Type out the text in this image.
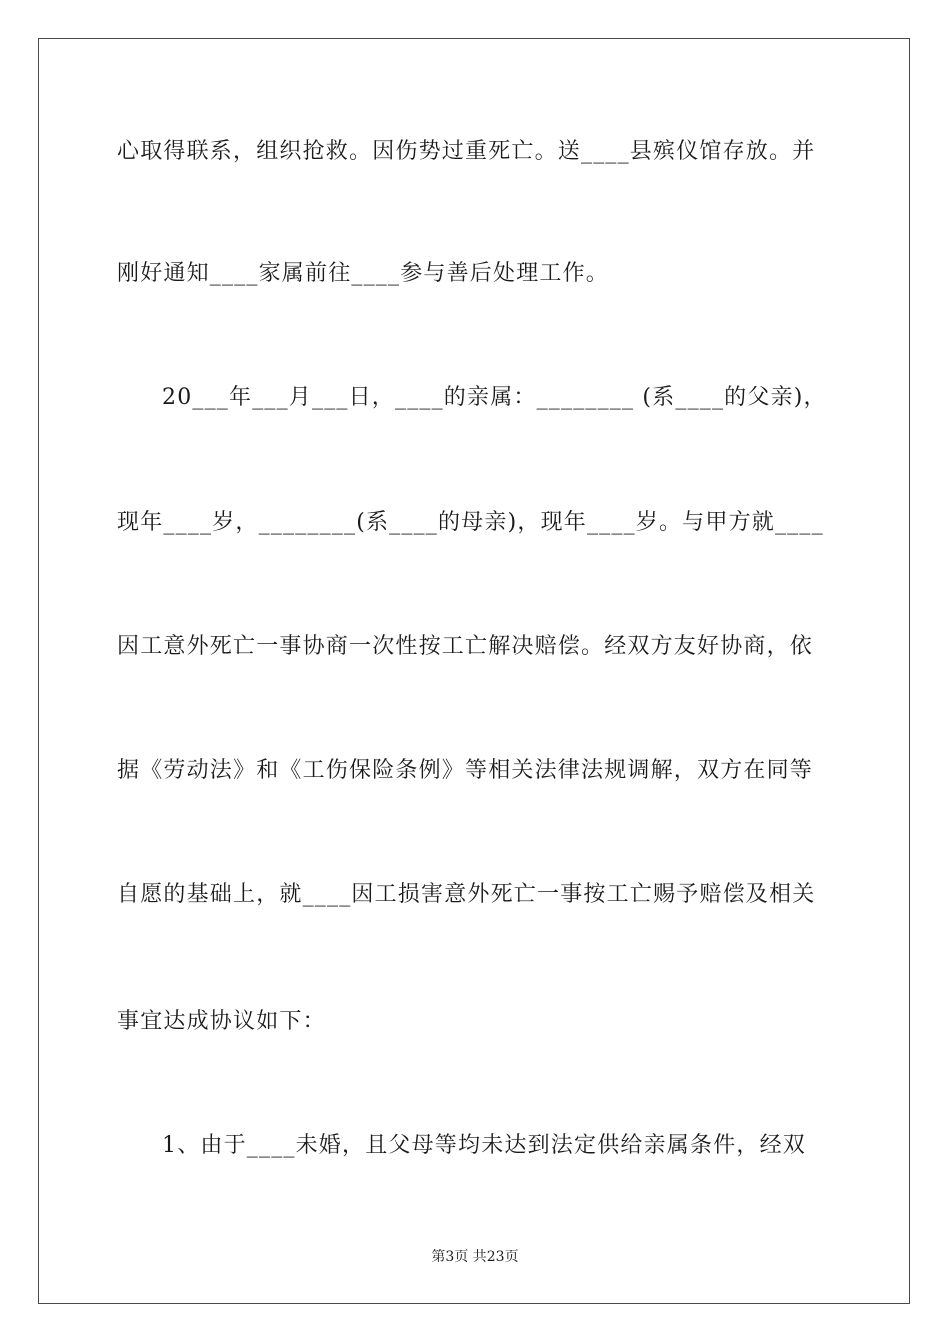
心取得联系，组织抢救。因伤势过重死亡。送____县殡仪馆存放。并
刚好通知____家属前往____参与善后处理工作。
20___年___月___日，____的亲属：________ (系____的父亲)，
现年____岁，________(系____的母亲)，现年____岁。与甲方就____
因工意外死亡一事协商一次性按工亡解决赔偿。经双方友好协商，依
据《劳动法》和《工伤保险条例》等相关法律法规调解，双方在同等
自愿的基础上，就____因工损害意外死亡一事按工亡赐予赔偿及相关
事宜达成协议如下：
1、由于____未婚，且父母等均未达到法定供给亲属条件，经双
第3页 共23页
